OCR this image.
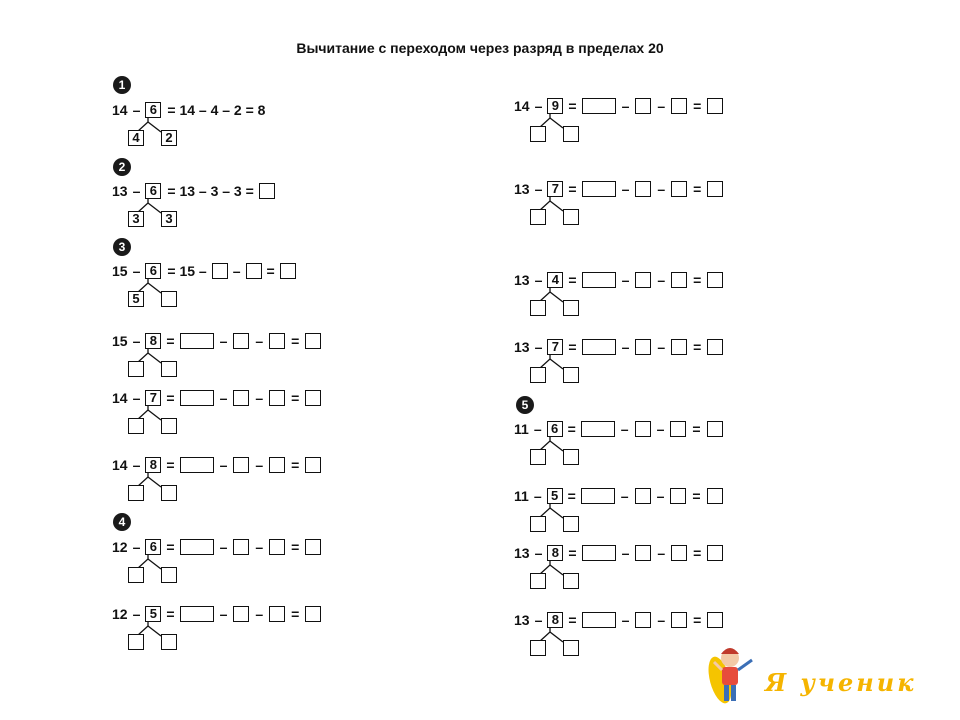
Вычитание с переходом через разряд в пределах 20
1
2
3
4
5
14 – 6 = 14 – 4 – 2 = 8
4	2
13 – 6 = 13 – 3 – 3 =
3	3
15 – 6 = 15 – – =
5
15 – 8 =	– – =
14 – 7 =	– – =
14 – 8 =	– – =
12 – 6 =	– – =
12 – 5 =	– – =
14 – 9 =	– – =
13 – 7 =	– – =
13 – 4 =	– – =
13 – 7 =	– – =
11 – 6 =	– – =
11 – 5 =	– – =
13 – 8 =	– – =
13 – 8 =	– – =
Я ученик
